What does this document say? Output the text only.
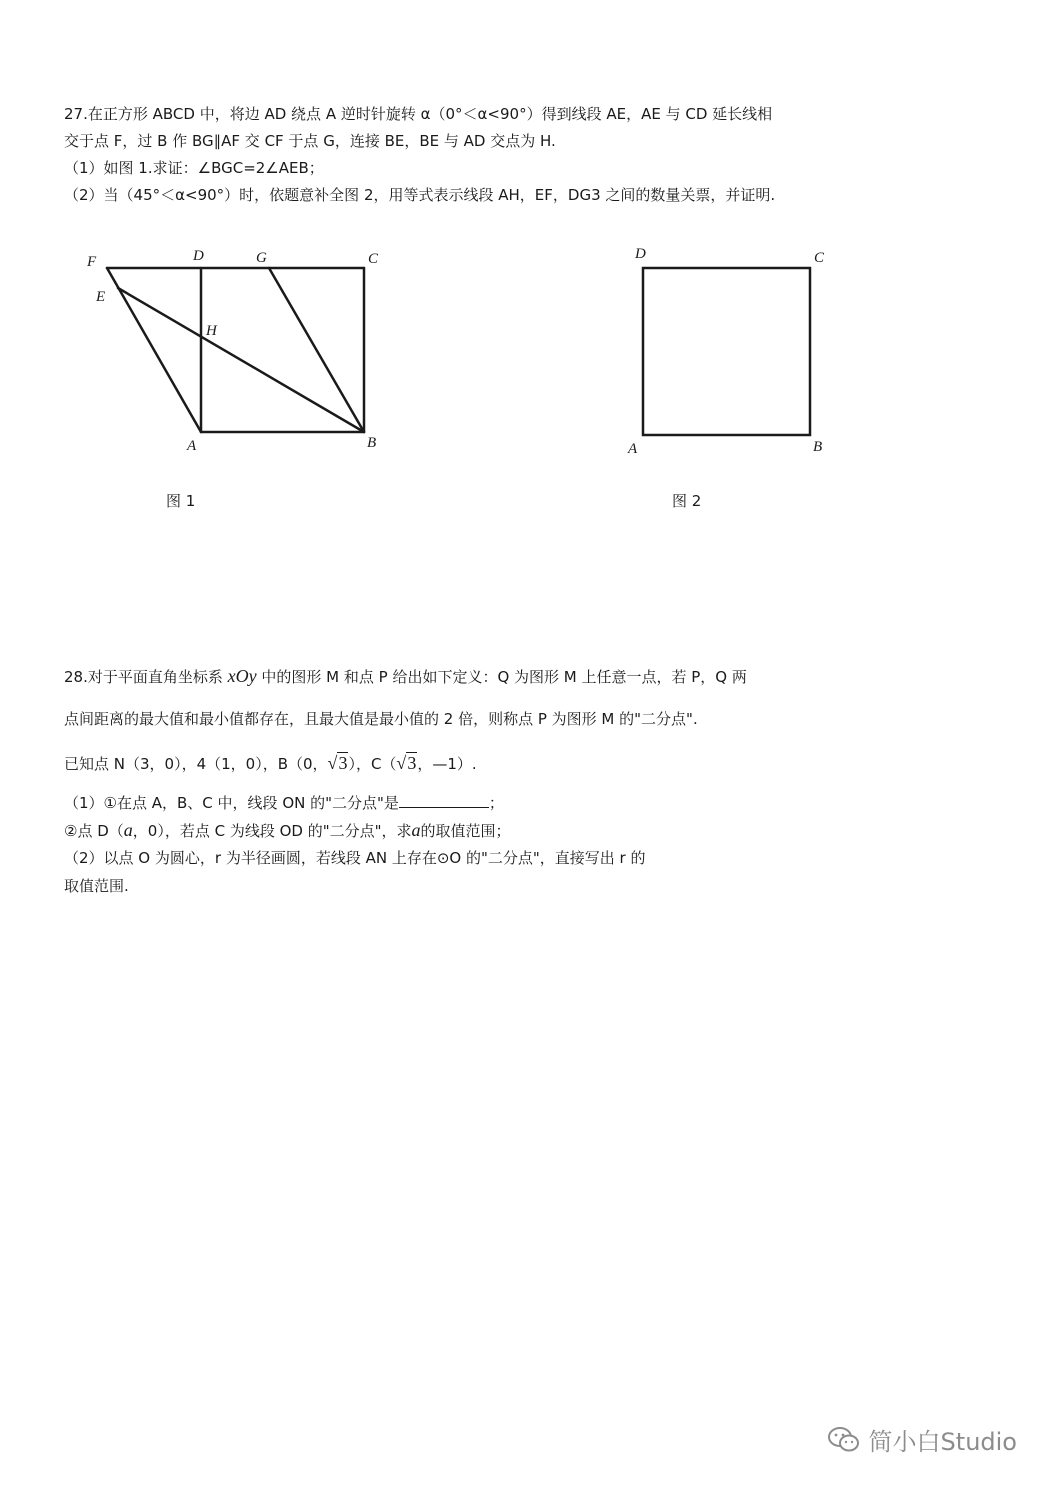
27.在正方形 ABCD 中，将边 AD 绕点 A 逆时针旋转 α（0°＜α<90°）得到线段 AE，AE 与 CD 延长线相
交于点 F，过 B 作 BG∥AF 交 CF 于点 G，连接 BE，BE 与 AD 交点为 H.
（1）如图 1.求证：∠BGC=2∠AEB；
（2）当（45°＜α<90°）时，依题意补全图 2，用等式表示线段 AH，EF，DG3 之间的数量关票，并证明.
F	D	G	C
E
H
A	B
D	C
A	B
图 1	图 2
28.对于平面直角坐标系 xOy 中的图形 M 和点 P 给出如下定义：Q 为图形 M 上任意一点，若 P，Q 两
点间距离的最大值和最小值都存在，且最大值是最小值的 2 倍，则称点 P 为图形 M 的"二分点".
已知点 N（3，0），4（1，0），B（0，√3），C（√3，—1）.
（1）①在点 A，B、C 中，线段 ON 的"二分点"是	；
②点 D（a，0），若点 C 为线段 OD 的"二分点"，求a的取值范围；
（2）以点 O 为圆心，r 为半径画圆，若线段 AN 上存在⊙O 的"二分点"，直接写出 r 的
取值范围.
简小白Studio
